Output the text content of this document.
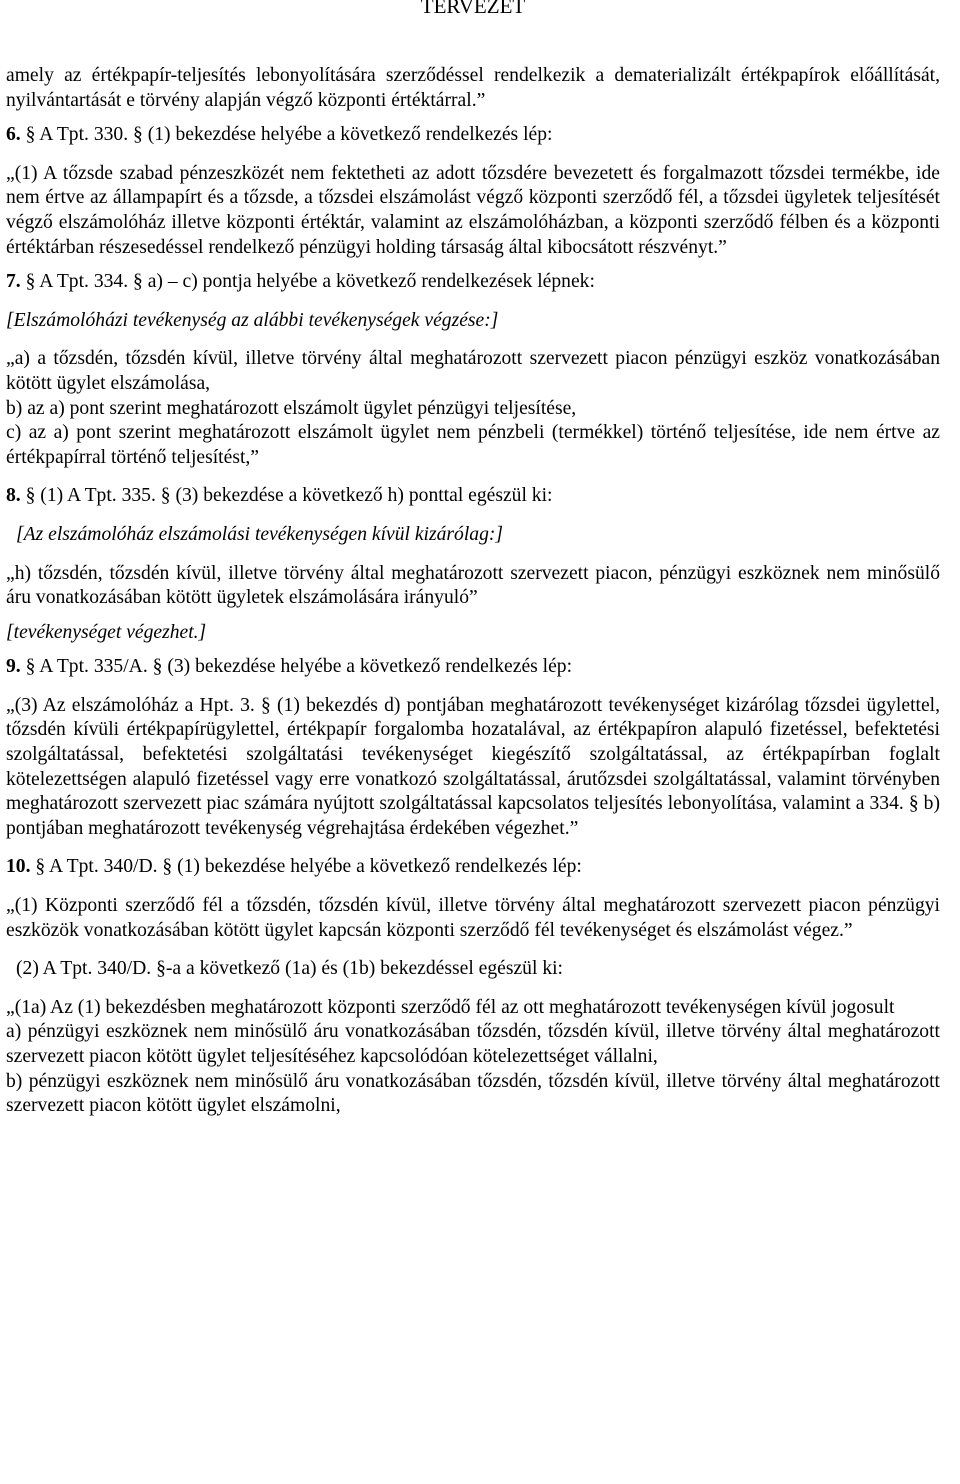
TERVEZET

amely az értékpapír-teljesítés lebonyolítására szerződéssel rendelkezik a dematerializált értékpapírok előállítását, nyilvántartását e törvény alapján végző központi értéktárral.”

6. § A Tpt. 330. § (1) bekezdése helyébe a következő rendelkezés lép:

„(1) A tőzsde szabad pénzeszközét nem fektetheti az adott tőzsdére bevezetett és forgalmazott tőzsdei termékbe, ide nem értve az állampapírt és a tőzsde, a tőzsdei elszámolást végző központi szerződő fél, a tőzsdei ügyletek teljesítését végző elszámolóház illetve központi értéktár, valamint az elszámolóházban, a központi szerződő félben és a központi értéktárban részesedéssel rendelkező pénzügyi holding társaság által kibocsátott részvényt.”

7. § A Tpt. 334. § a) – c) pontja helyébe a következő rendelkezések lépnek:

[Elszámolóházi tevékenység az alábbi tevékenységek végzése:]

„a) a tőzsdén, tőzsdén kívül, illetve törvény által meghatározott szervezett piacon pénzügyi eszköz vonatkozásában kötött ügylet elszámolása,

b) az a) pont szerint meghatározott elszámolt ügylet pénzügyi teljesítése,

c) az a) pont szerint meghatározott elszámolt ügylet nem pénzbeli (termékkel) történő teljesítése, ide nem értve az értékpapírral történő teljesítést,”

8. § (1) A Tpt. 335. § (3) bekezdése a következő h) ponttal egészül ki:

[Az elszámolóház elszámolási tevékenységen kívül kizárólag:]

„h) tőzsdén, tőzsdén kívül, illetve törvény által meghatározott szervezett piacon, pénzügyi eszköznek nem minősülő áru vonatkozásában kötött ügyletek elszámolására irányuló”

[tevékenységet végezhet.]

9. § A Tpt. 335/A. § (3) bekezdése helyébe a következő rendelkezés lép:

„(3) Az elszámolóház a Hpt. 3. § (1) bekezdés d) pontjában meghatározott tevékenységet kizárólag tőzsdei ügylettel, tőzsdén kívüli értékpapírügylettel, értékpapír forgalomba hozatalával, az értékpapíron alapuló fizetéssel, befektetési szolgáltatással, befektetési szolgáltatási tevékenységet kiegészítő szolgáltatással, az értékpapírban foglalt kötelezettségen alapuló fizetéssel vagy erre vonatkozó szolgáltatással, árutőzsdei szolgáltatással, valamint törvényben meghatározott szervezett piac számára nyújtott szolgáltatással kapcsolatos teljesítés lebonyolítása, valamint a 334. § b) pontjában meghatározott tevékenység végrehajtása érdekében végezhet.”

10. § A Tpt. 340/D. § (1) bekezdése helyébe a következő rendelkezés lép:

„(1) Központi szerződő fél a tőzsdén, tőzsdén kívül, illetve törvény által meghatározott szervezett piacon pénzügyi eszközök vonatkozásában kötött ügylet kapcsán központi szerződő fél tevékenységet és elszámolást végez.”

(2) A Tpt. 340/D. §-a a következő (1a) és (1b) bekezdéssel egészül ki:

„(1a) Az (1) bekezdésben meghatározott központi szerződő fél az ott meghatározott tevékenységen kívül jogosult

a) pénzügyi eszköznek nem minősülő áru vonatkozásában tőzsdén, tőzsdén kívül, illetve törvény által meghatározott szervezett piacon kötött ügylet teljesítéséhez kapcsolódóan kötelezettséget vállalni,

b) pénzügyi eszköznek nem minősülő áru vonatkozásában tőzsdén, tőzsdén kívül, illetve törvény által meghatározott szervezett piacon kötött ügylet elszámolni,
